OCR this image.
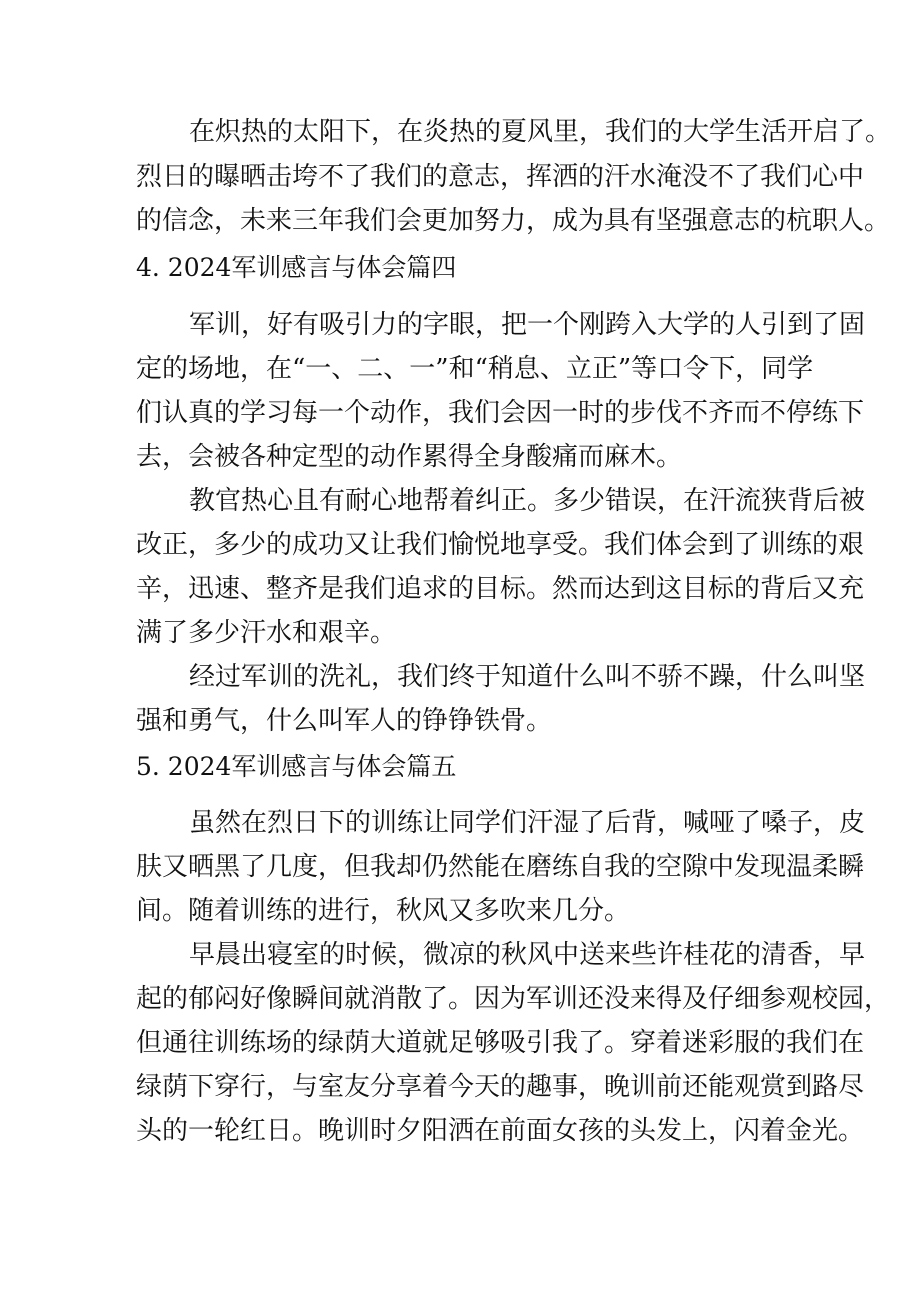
在炽热的太阳下，在炎热的夏风里，我们的大学生活开启了。
烈日的曝晒击垮不了我们的意志，挥洒的汗水淹没不了我们心中
的信念，未来三年我们会更加努力，成为具有坚强意志的杭职人。
4. 2024军训感言与体会篇四
军训，好有吸引力的字眼，把一个刚跨入大学的人引到了固
定的场地，在“一、二、一”和“稍息、立正”等口令下，同学
们认真的学习每一个动作，我们会因一时的步伐不齐而不停练下
去，会被各种定型的动作累得全身酸痛而麻木。
教官热心且有耐心地帮着纠正。多少错误，在汗流狭背后被
改正，多少的成功又让我们愉悦地享受。我们体会到了训练的艰
辛，迅速、整齐是我们追求的目标。然而达到这目标的背后又充
满了多少汗水和艰辛。
经过军训的洗礼，我们终于知道什么叫不骄不躁，什么叫坚
强和勇气，什么叫军人的铮铮铁骨。
5. 2024军训感言与体会篇五
虽然在烈日下的训练让同学们汗湿了后背，喊哑了嗓子，皮
肤又晒黑了几度，但我却仍然能在磨练自我的空隙中发现温柔瞬
间。随着训练的进行，秋风又多吹来几分。
早晨出寝室的时候，微凉的秋风中送来些许桂花的清香，早
起的郁闷好像瞬间就消散了。因为军训还没来得及仔细参观校园，
但通往训练场的绿荫大道就足够吸引我了。穿着迷彩服的我们在
绿荫下穿行，与室友分享着今天的趣事，晚训前还能观赏到路尽
头的一轮红日。晚训时夕阳洒在前面女孩的头发上，闪着金光。
